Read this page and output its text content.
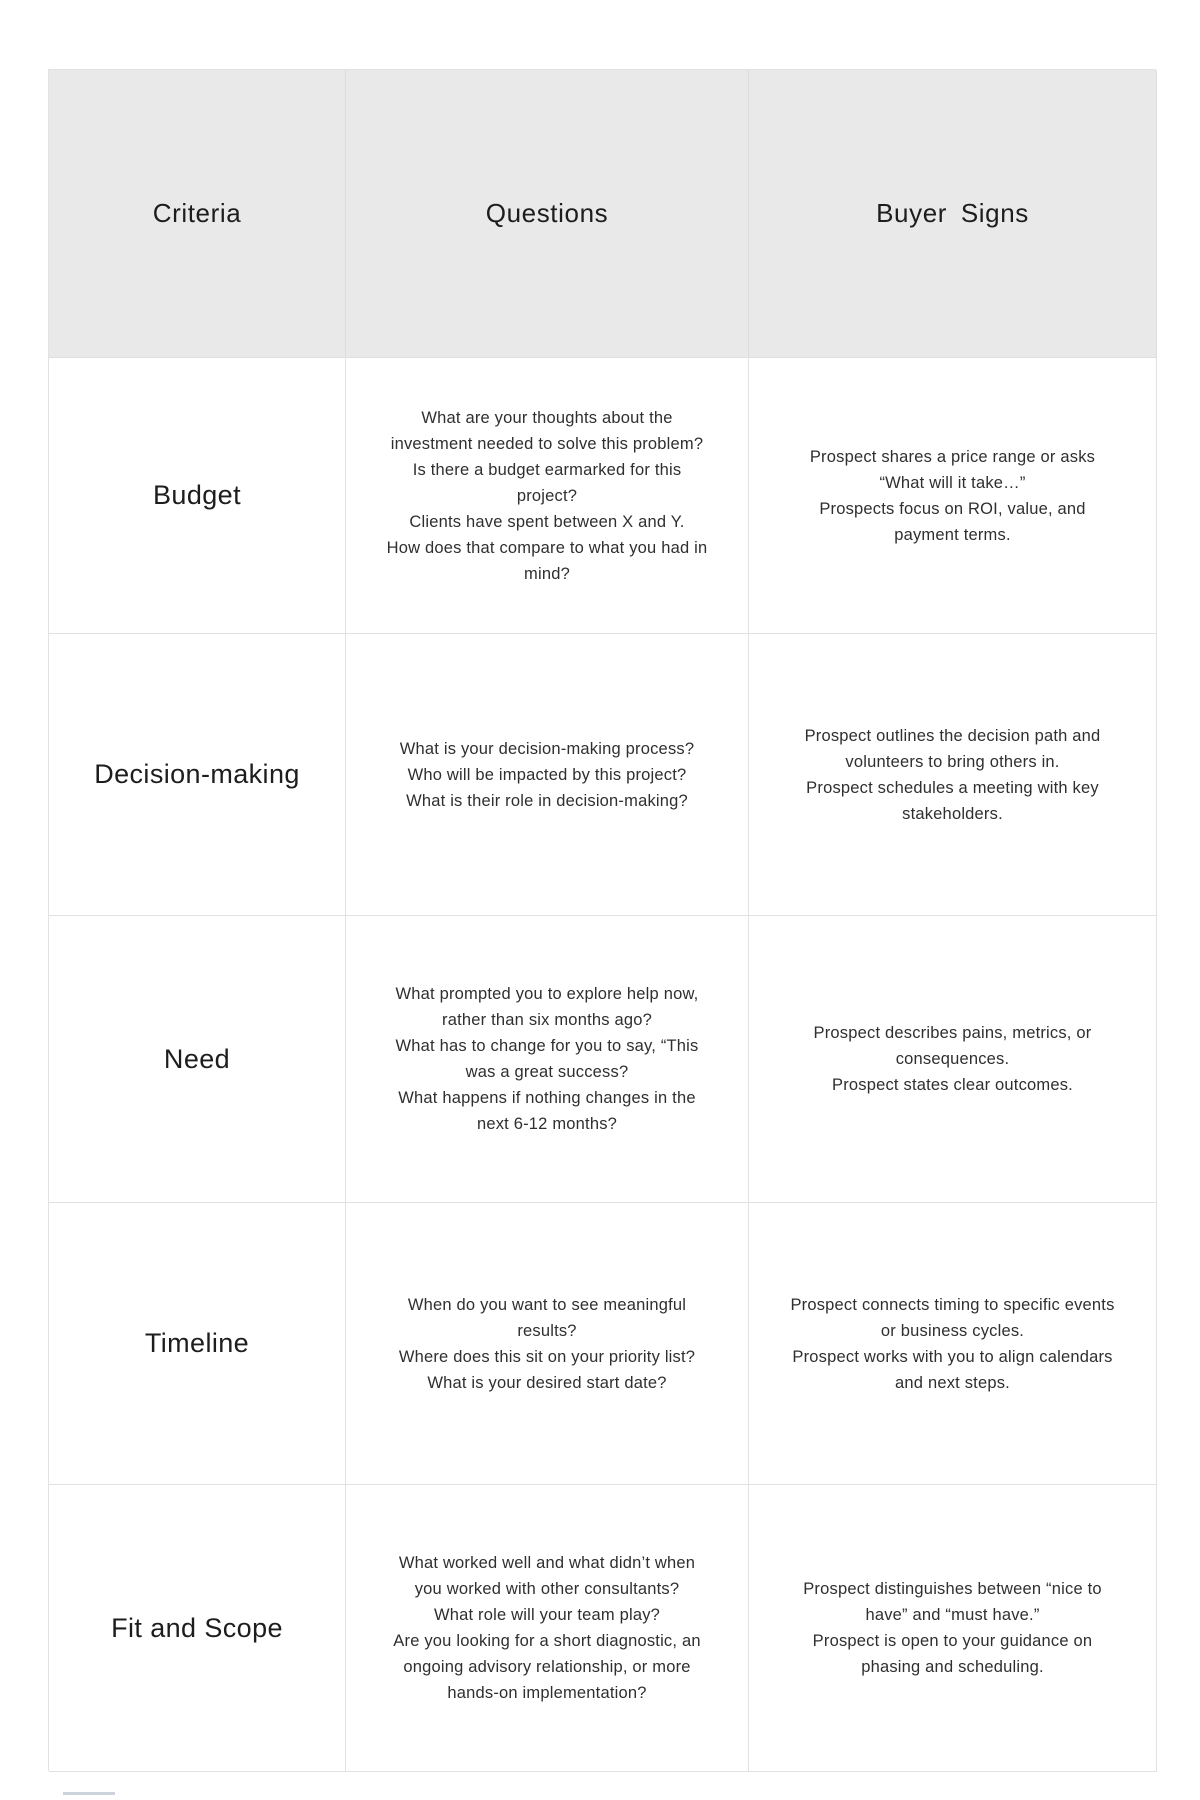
Criteria	Questions	Buyer Signs
Budget
What are your thoughts about the investment needed to solve this problem?
Is there a budget earmarked for this project?
Clients have spent between X and Y.
How does that compare to what you had in mind?
Prospect shares a price range or asks “What will it take…”
Prospects focus on ROI, value, and payment terms.
Decision-making
What is your decision-making process?
Who will be impacted by this project?
What is their role in decision-making?
Prospect outlines the decision path and volunteers to bring others in.
Prospect schedules a meeting with key stakeholders.
Need
What prompted you to explore help now, rather than six months ago?
What has to change for you to say, “This was a great success?
What happens if nothing changes in the next 6-12 months?
Prospect describes pains, metrics, or consequences.
Prospect states clear outcomes.
Timeline
When do you want to see meaningful results?
Where does this sit on your priority list?
What is your desired start date?
Prospect connects timing to specific events or business cycles.
Prospect works with you to align calendars and next steps.
Fit and Scope
What worked well and what didn’t when you worked with other consultants?
What role will your team play?
Are you looking for a short diagnostic, an ongoing advisory relationship, or more hands-on implementation?
Prospect distinguishes between “nice to have” and “must have.”
Prospect is open to your guidance on phasing and scheduling.
